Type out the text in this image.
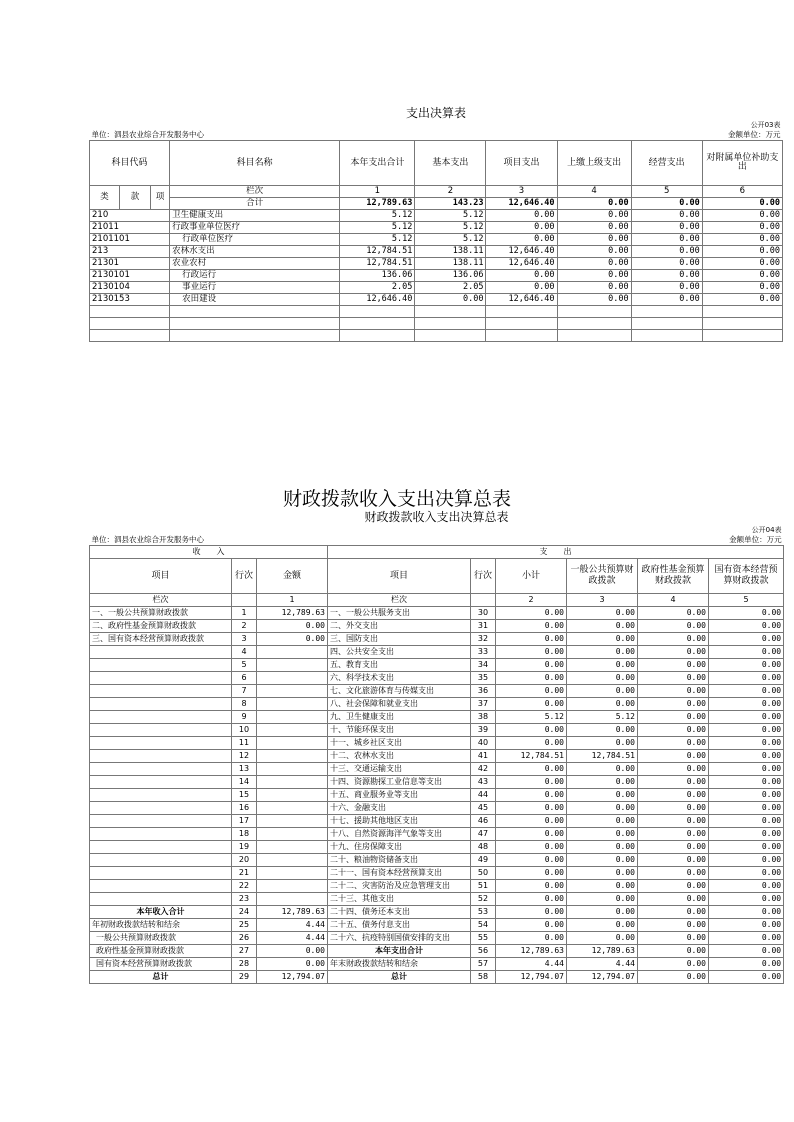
支出决算表									
公开03表									
单位：泗县农业综合开发服务中心					金额单位：万元				
科目代码			科目名称	本年支出合计	基本支出	项目支出	上缴上级支出	经营支出	对附属单位补助支出
类	款	项	栏次	1	2	3	4	5	6
			合计	12,789.63	143.23	12,646.40	0.00	0.00	0.00
210			卫生健康支出	5.12	5.12	0.00	0.00	0.00	0.00
21011			行政事业单位医疗	5.12	5.12	0.00	0.00	0.00	0.00
2101101			行政单位医疗	5.12	5.12	0.00	0.00	0.00	0.00
213			农林水支出	12,784.51	138.11	12,646.40	0.00	0.00	0.00
21301			农业农村	12,784.51	138.11	12,646.40	0.00	0.00	0.00
2130101			行政运行	136.06	136.06	0.00	0.00	0.00	0.00
2130104			事业运行	2.05	2.05	0.00	0.00	0.00	0.00
2130153			农田建设	12,646.40	0.00	12,646.40	0.00	0.00	0.00

财政拨款收入支出决算总表
财政拨款收入支出决算总表								
公开04表								
单位：泗县农业综合开发服务中心					金额单位：万元			
收　　入			支　　出					
项目	行次	金额	项目	行次	小计	一般公共预算财政拨款	政府性基金预算财政拨款	国有资本经营预算财政拨款
栏次		1	栏次		2	3	4	5
一、一般公共预算财政拨款	1	12,789.63	一、一般公共服务支出	30	0.00	0.00	0.00	0.00
二、政府性基金预算财政拨款	2	0.00	二、外交支出	31	0.00	0.00	0.00	0.00
三、国有资本经营预算财政拨款	3	0.00	三、国防支出	32	0.00	0.00	0.00	0.00
	4		四、公共安全支出	33	0.00	0.00	0.00	0.00
	5		五、教育支出	34	0.00	0.00	0.00	0.00
	6		六、科学技术支出	35	0.00	0.00	0.00	0.00
	7		七、文化旅游体育与传媒支出	36	0.00	0.00	0.00	0.00
	8		八、社会保障和就业支出	37	0.00	0.00	0.00	0.00
	9		九、卫生健康支出	38	5.12	5.12	0.00	0.00
	10		十、节能环保支出	39	0.00	0.00	0.00	0.00
	11		十一、城乡社区支出	40	0.00	0.00	0.00	0.00
	12		十二、农林水支出	41	12,784.51	12,784.51	0.00	0.00
	13		十三、交通运输支出	42	0.00	0.00	0.00	0.00
	14		十四、资源勘探工业信息等支出	43	0.00	0.00	0.00	0.00
	15		十五、商业服务业等支出	44	0.00	0.00	0.00	0.00
	16		十六、金融支出	45	0.00	0.00	0.00	0.00
	17		十七、援助其他地区支出	46	0.00	0.00	0.00	0.00
	18		十八、自然资源海洋气象等支出	47	0.00	0.00	0.00	0.00
	19		十九、住房保障支出	48	0.00	0.00	0.00	0.00
	20		二十、粮油物资储备支出	49	0.00	0.00	0.00	0.00
	21		二十一、国有资本经营预算支出	50	0.00	0.00	0.00	0.00
	22		二十二、灾害防治及应急管理支出	51	0.00	0.00	0.00	0.00
	23		二十三、其他支出	52	0.00	0.00	0.00	0.00
本年收入合计	24	12,789.63	二十四、债务还本支出	53	0.00	0.00	0.00	0.00
年初财政拨款结转和结余	25	4.44	二十五、债务付息支出	54	0.00	0.00	0.00	0.00
一般公共预算财政拨款	26	4.44	二十六、抗疫特别国债安排的支出	55	0.00	0.00	0.00	0.00
政府性基金预算财政拨款	27	0.00	本年支出合计	56	12,789.63	12,789.63	0.00	0.00
国有资本经营预算财政拨款	28	0.00	年末财政拨款结转和结余	57	4.44	4.44	0.00	0.00
总计	29	12,794.07	总计	58	12,794.07	12,794.07	0.00	0.00
